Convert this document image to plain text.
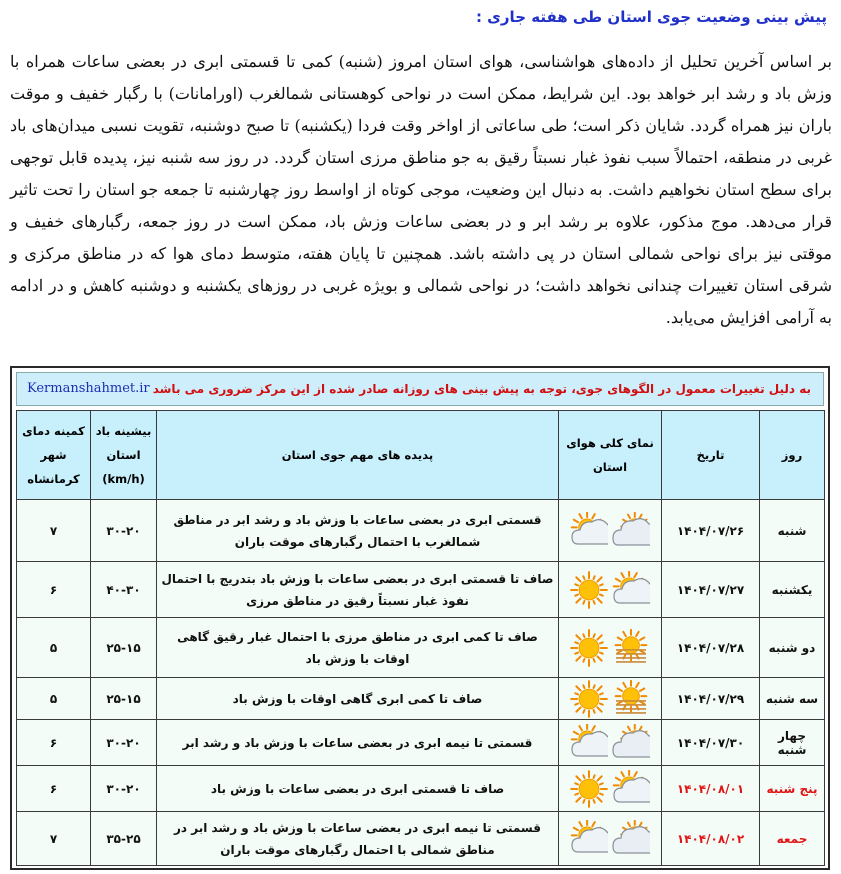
پیش بینی وضعیت جوی استان طی هفته جاری :
بر اساس آخرین تحلیل از داده‌های هواشناسی، هوای استان امروز (شنبه) کمی تا قسمتی ابری در بعضی ساعات همراه با وزش باد و رشد ابر خواهد بود. این شرایط، ممکن است در نواحی کوهستانی شمالغرب (اورامانات) با رگبار خفیف و موقت باران نیز همراه گردد. شایان ذکر است؛ طی ساعاتی از اواخر وقت فردا (یکشنبه) تا صبح دوشنبه، تقویت نسبی میدان‌های باد غربی در منطقه، احتمالاً سبب نفوذ غبار نسبتاً رقیق به جو مناطق مرزی استان گردد. در روز سه شنبه نیز، پدیده قابل توجهی برای سطح استان نخواهیم داشت. به دنبال این وضعیت، موجی کوتاه از اواسط روز چهارشنبه تا جمعه جو استان را تحت تاثیر قرار می‌دهد. موج مذکور، علاوه بر رشد ابر و در بعضی ساعات وزش باد، ممکن است در روز جمعه، رگبارهای خفیف و موقتی نیز برای نواحی شمالی استان در پی داشته باشد. همچنین تا پایان هفته، متوسط دمای هوا که در مناطق مرکزی و شرقی استان تغییرات چندانی نخواهد داشت؛ در نواحی شمالی و بویژه غربی در روزهای یکشنبه و دوشنبه کاهش و در ادامه به آرامی افزایش می‌یابد.
Kermanshahmet.ir به دلیل تغییرات معمول در الگوهای جوی، توجه به پیش بینی های روزانه صادر شده از این مرکز ضروری می باشد
روز	تاریخ	نمای کلی هوای استان	پدیده های مهم جوی استان	بیشینه باد استان (km/h)	کمینه دمای شهر کرمانشاه
شنبه	۱۴۰۴/۰۷/۲۶		قسمتی ابری در بعضی ساعات با وزش باد و رشد ابر در مناطق شمالغرب با احتمال رگبارهای موقت باران	۳۰-۲۰	۷
یکشنبه	۱۴۰۴/۰۷/۲۷		صاف تا قسمتی ابری در بعضی ساعات با وزش باد بتدریج با احتمال نفوذ غبار نسبتاً رقیق در مناطق مرزی	۴۰-۳۰	۶
دو شنبه	۱۴۰۴/۰۷/۲۸		صاف تا کمی ابری در مناطق مرزی با احتمال غبار رقیق گاهی اوقات با وزش باد	۲۵-۱۵	۵
سه شنبه	۱۴۰۴/۰۷/۲۹		صاف تا کمی ابری گاهی اوقات با وزش باد	۲۵-۱۵	۵
چهار شنبه	۱۴۰۴/۰۷/۳۰		قسمتی تا نیمه ابری در بعضی ساعات با وزش باد و رشد ابر	۳۰-۲۰	۶
پنج شنبه	۱۴۰۴/۰۸/۰۱		صاف تا قسمتی ابری در بعضی ساعات با وزش باد	۳۰-۲۰	۶
جمعه	۱۴۰۴/۰۸/۰۲		قسمتی تا نیمه ابری در بعضی ساعات با وزش باد و رشد ابر در مناطق شمالی با احتمال رگبارهای موقت باران	۳۵-۲۵	۷
